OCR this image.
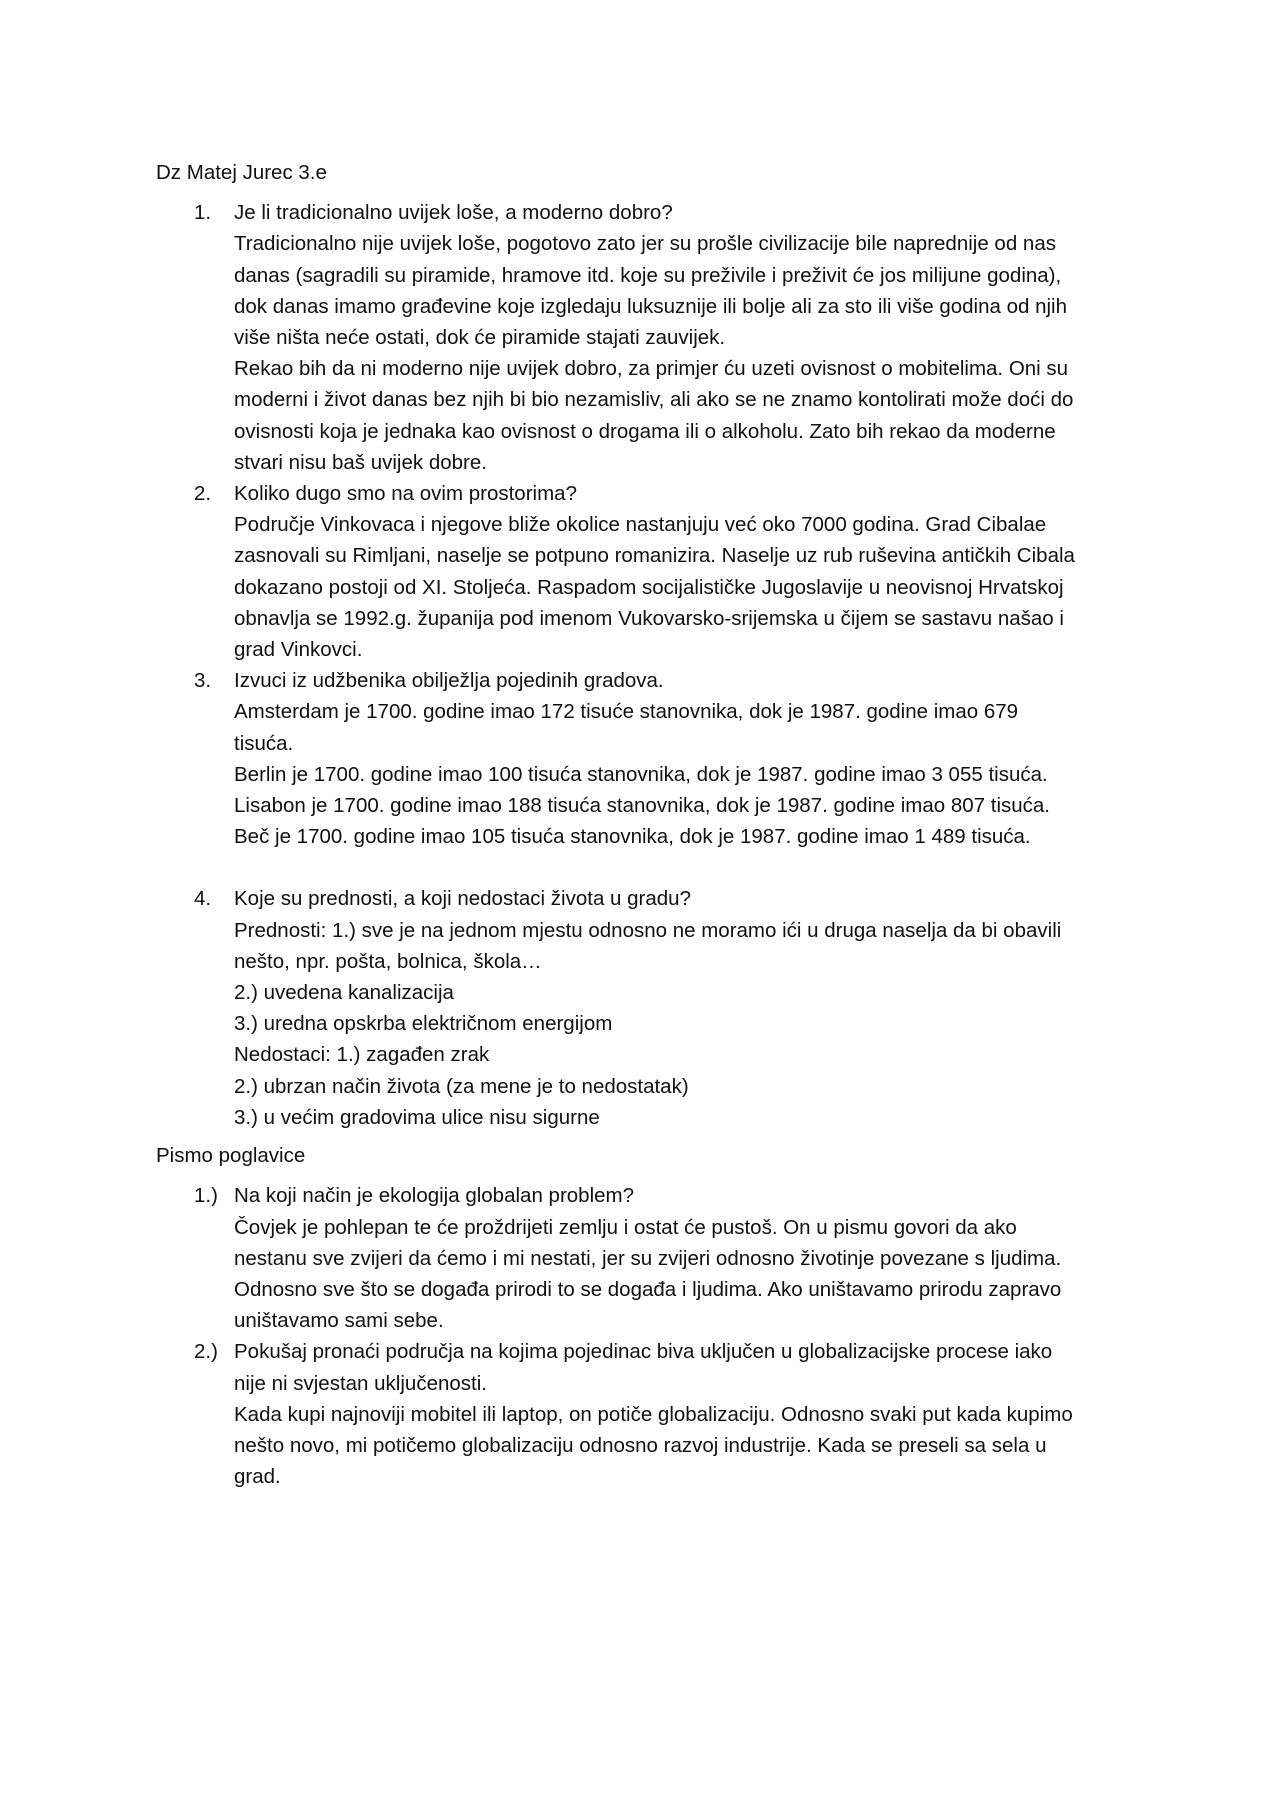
Dz Matej Jurec 3.e
1. Je li tradicionalno uvijek loše, a moderno dobro?

Tradicionalno nije uvijek loše, pogotovo zato jer su prošle civilizacije bile naprednije od nas

danas (sagradili su piramide, hramove itd. koje su preživile i preživit će jos milijune godina),

dok danas imamo građevine koje izgledaju luksuznije ili bolje ali za sto ili više godina od njih

više ništa neće ostati, dok će piramide stajati zauvijek.

Rekao bih da ni moderno nije uvijek dobro, za primjer ću uzeti ovisnost o mobitelima. Oni su

moderni i život danas bez njih bi bio nezamisliv, ali ako se ne znamo kontolirati može doći do

ovisnosti koja je jednaka kao ovisnost o drogama ili o alkoholu. Zato bih rekao da moderne

stvari nisu baš uvijek dobre.

2. Koliko dugo smo na ovim prostorima?

Područje Vinkovaca i njegove bliže okolice nastanjuju već oko 7000 godina. Grad Cibalae

zasnovali su Rimljani, naselje se potpuno romanizira. Naselje uz rub ruševina antičkih Cibala

dokazano postoji od XI. Stoljeća. Raspadom socijalističke Jugoslavije u neovisnoj Hrvatskoj

obnavlja se 1992.g. županija pod imenom Vukovarsko-srijemska u čijem se sastavu našao i

grad Vinkovci.

3. Izvuci iz udžbenika obilježlja pojedinih gradova.

Amsterdam je 1700. godine imao 172 tisuće stanovnika, dok je 1987. godine imao 679

tisuća.

Berlin je 1700. godine imao 100 tisuća stanovnika, dok je 1987. godine imao 3 055 tisuća.

Lisabon je 1700. godine imao 188 tisuća stanovnika, dok je 1987. godine imao 807 tisuća.

Beč je 1700. godine imao 105 tisuća stanovnika, dok je 1987. godine imao 1 489 tisuća.

4. Koje su prednosti, a koji nedostaci života u gradu?

Prednosti: 1.) sve je na jednom mjestu odnosno ne moramo ići u druga naselja da bi obavili

nešto, npr. pošta, bolnica, škola…

2.) uvedena kanalizacija

3.) uredna opskrba električnom energijom

Nedostaci: 1.) zagađen zrak

2.) ubrzan način života (za mene je to nedostatak)

3.) u većim gradovima ulice nisu sigurne

Pismo poglavice
1.) Na koji način je ekologija globalan problem?

Čovjek je pohlepan te će proždrijeti zemlju i ostat će pustoš. On u pismu govori da ako

nestanu sve zvijeri da ćemo i mi nestati, jer su zvijeri odnosno životinje povezane s ljudima.

Odnosno sve što se događa prirodi to se događa i ljudima. Ako uništavamo prirodu zapravo

uništavamo sami sebe.

2.) Pokušaj pronaći područja na kojima pojedinac biva uključen u globalizacijske procese iako

nije ni svjestan uključenosti.

Kada kupi najnoviji mobitel ili laptop, on potiče globalizaciju. Odnosno svaki put kada kupimo

nešto novo, mi potičemo globalizaciju odnosno razvoj industrije. Kada se preseli sa sela u

grad.
